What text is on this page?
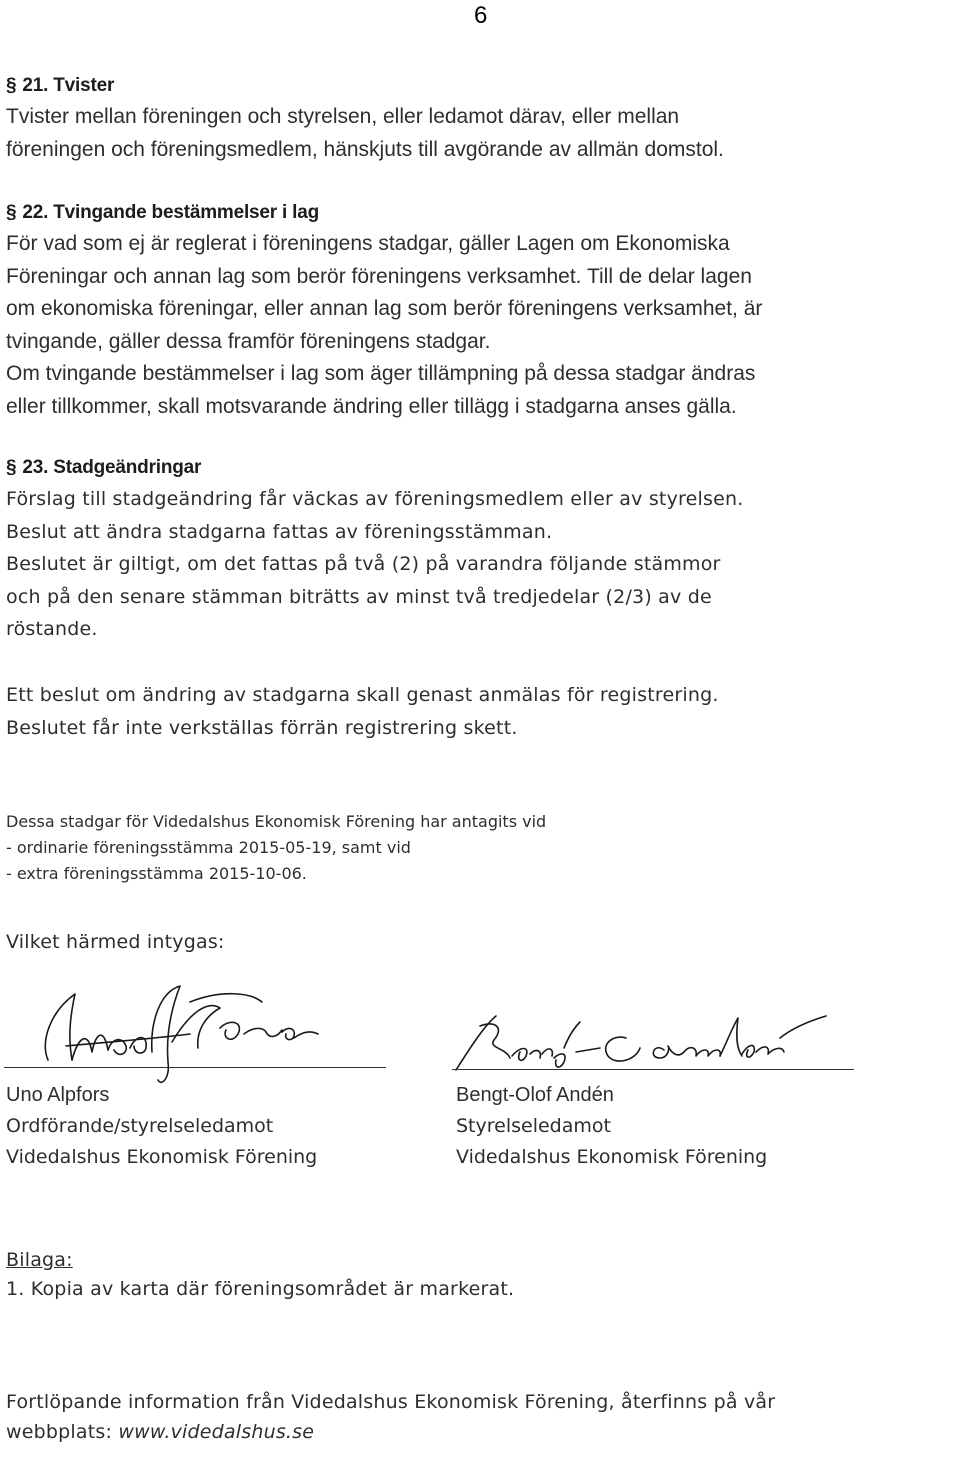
6
§ 21. Tvister
Tvister mellan föreningen och styrelsen, eller ledamot därav, eller mellan
föreningen och föreningsmedlem, hänskjuts till avgörande av allmän domstol.
§ 22. Tvingande bestämmelser i lag
För vad som ej är reglerat i föreningens stadgar, gäller Lagen om Ekonomiska
Föreningar och annan lag som berör föreningens verksamhet. Till de delar lagen
om ekonomiska föreningar, eller annan lag som berör föreningens verksamhet, är
tvingande, gäller dessa framför föreningens stadgar.
Om tvingande bestämmelser i lag som äger tillämpning på dessa stadgar ändras
eller tillkommer, skall motsvarande ändring eller tillägg i stadgarna anses gälla.
§ 23. Stadgeändringar
Förslag till stadgeändring får väckas av föreningsmedlem eller av styrelsen.
Beslut att ändra stadgarna fattas av föreningsstämman.
Beslutet är giltigt, om det fattas på två (2) på varandra följande stämmor
och på den senare stämman biträtts av minst två tredjedelar (2/3) av de
röstande.
Ett beslut om ändring av stadgarna skall genast anmälas för registrering.
Beslutet får inte verkställas förrän registrering skett.
Dessa stadgar för Videdalshus Ekonomisk Förening har antagits vid
- ordinarie föreningsstämma 2015-05-19, samt vid
- extra föreningsstämma 2015-10-06.
Vilket härmed intygas:
Uno Alpfors
Ordförande/styrelseledamot
Videdalshus Ekonomisk Förening
Bengt-Olof Andén
Styrelseledamot
Videdalshus Ekonomisk Förening
Bilaga:
1. Kopia av karta där föreningsområdet är markerat.
Fortlöpande information från Videdalshus Ekonomisk Förening, återfinns på vår
webbplats: www.videdalshus.se
